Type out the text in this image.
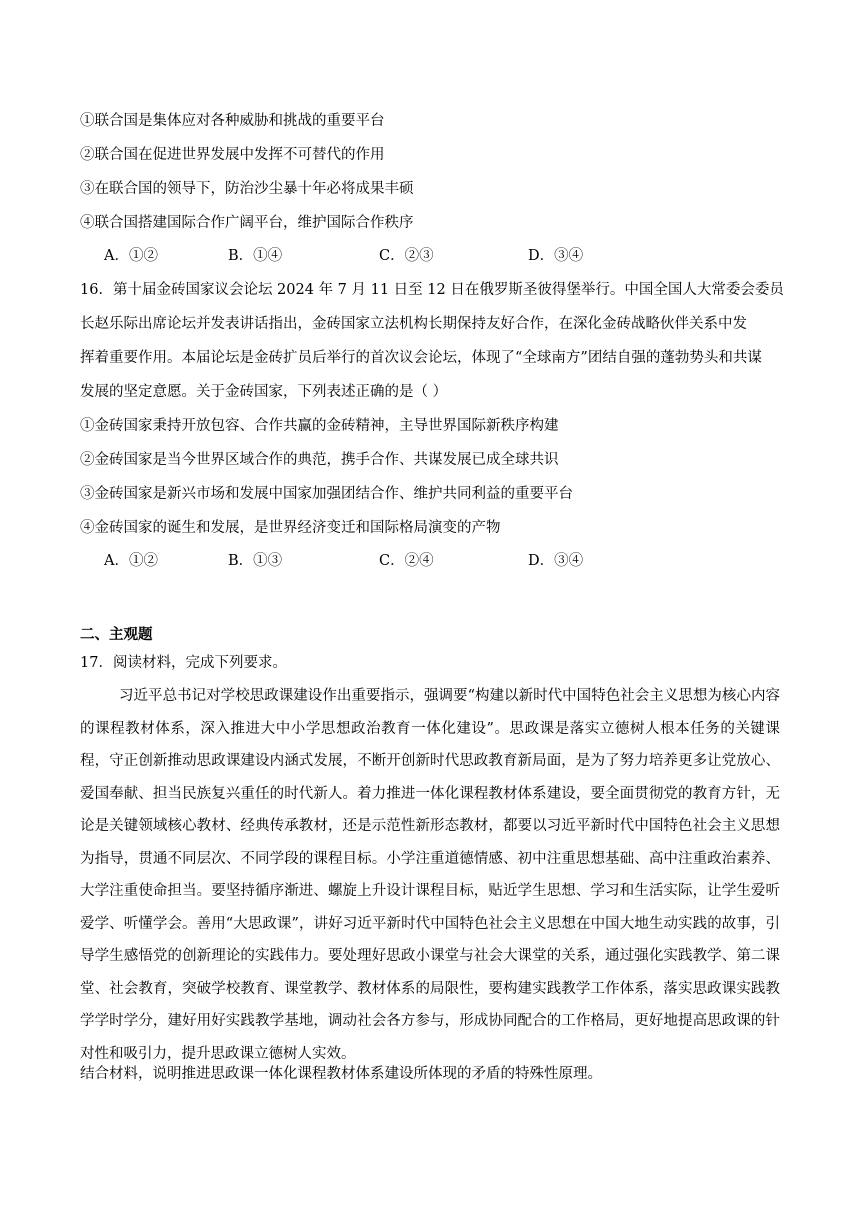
①联合国是集体应对各种威胁和挑战的重要平台
②联合国在促进世界发展中发挥不可替代的作用
③在联合国的领导下，防治沙尘暴十年必将成果丰硕
④联合国搭建国际合作广阔平台，维护国际合作秩序
A．①②	B．①④	C．②③	D．③④
16．第十届金砖国家议会论坛 2024 年 7 月 11 日至 12 日在俄罗斯圣彼得堡举行。中国全国人大常委会委员
长赵乐际出席论坛并发表讲话指出，金砖国家立法机构长期保持友好合作，在深化金砖战略伙伴关系中发
挥着重要作用。本届论坛是金砖扩员后举行的首次议会论坛，体现了“全球南方”团结自强的蓬勃势头和共谋
发展的坚定意愿。关于金砖国家，下列表述正确的是（ ）
①金砖国家秉持开放包容、合作共赢的金砖精神，主导世界国际新秩序构建
②金砖国家是当今世界区域合作的典范，携手合作、共谋发展已成全球共识
③金砖国家是新兴市场和发展中国家加强团结合作、维护共同利益的重要平台
④金砖国家的诞生和发展，是世界经济变迁和国际格局演变的产物
A．①②	B．①③	C．②④	D．③④
二、主观题
17．阅读材料，完成下列要求。
习近平总书记对学校思政课建设作出重要指示，强调要“构建以新时代中国特色社会主义思想为核心内容的课程教材体系，深入推进大中小学思想政治教育一体化建设”。思政课是落实立德树人根本任务的关键课程，守正创新推动思政课建设内涵式发展，不断开创新时代思政教育新局面，是为了努力培养更多让党放心、爱国奉献、担当民族复兴重任的时代新人。着力推进一体化课程教材体系建设，要全面贯彻党的教育方针，无论是关键领域核心教材、经典传承教材，还是示范性新形态教材，都要以习近平新时代中国特色社会主义思想为指导，贯通不同层次、不同学段的课程目标。小学注重道德情感、初中注重思想基础、高中注重政治素养、大学注重使命担当。要坚持循序渐进、螺旋上升设计课程目标，贴近学生思想、学习和生活实际，让学生爱听爱学、听懂学会。善用“大思政课”，讲好习近平新时代中国特色社会主义思想在中国大地生动实践的故事，引导学生感悟党的创新理论的实践伟力。要处理好思政小课堂与社会大课堂的关系，通过强化实践教学、第二课堂、社会教育，突破学校教育、课堂教学、教材体系的局限性，要构建实践教学工作体系，落实思政课实践教学学时学分，建好用好实践教学基地，调动社会各方参与，形成协同配合的工作格局，更好地提高思政课的针对性和吸引力，提升思政课立德树人实效。
结合材料，说明推进思政课一体化课程教材体系建设所体现的矛盾的特殊性原理。
